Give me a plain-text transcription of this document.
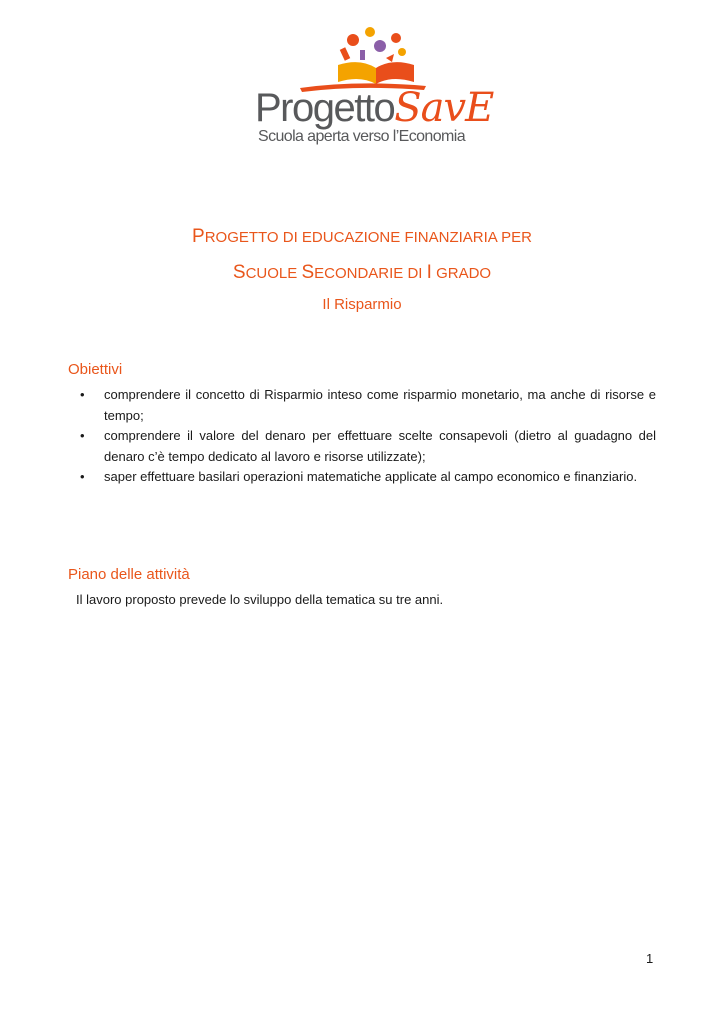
ProgettoSavE
Scuola aperta verso l’Economia
PROGETTO DI EDUCAZIONE FINANZIARIA PER
SCUOLE SECONDARIE DI I GRADO
Il Risparmio
Obiettivi
• comprendere il concetto di Risparmio inteso come risparmio monetario, ma anche di risorse e tempo;
• comprendere il valore del denaro per effettuare scelte consapevoli (dietro al guadagno del denaro c’è tempo dedicato al lavoro e risorse utilizzate);
• saper effettuare basilari operazioni matematiche applicate al campo economico e finanziario.
Piano delle attività
Il lavoro proposto prevede lo sviluppo della tematica su tre anni.
1
